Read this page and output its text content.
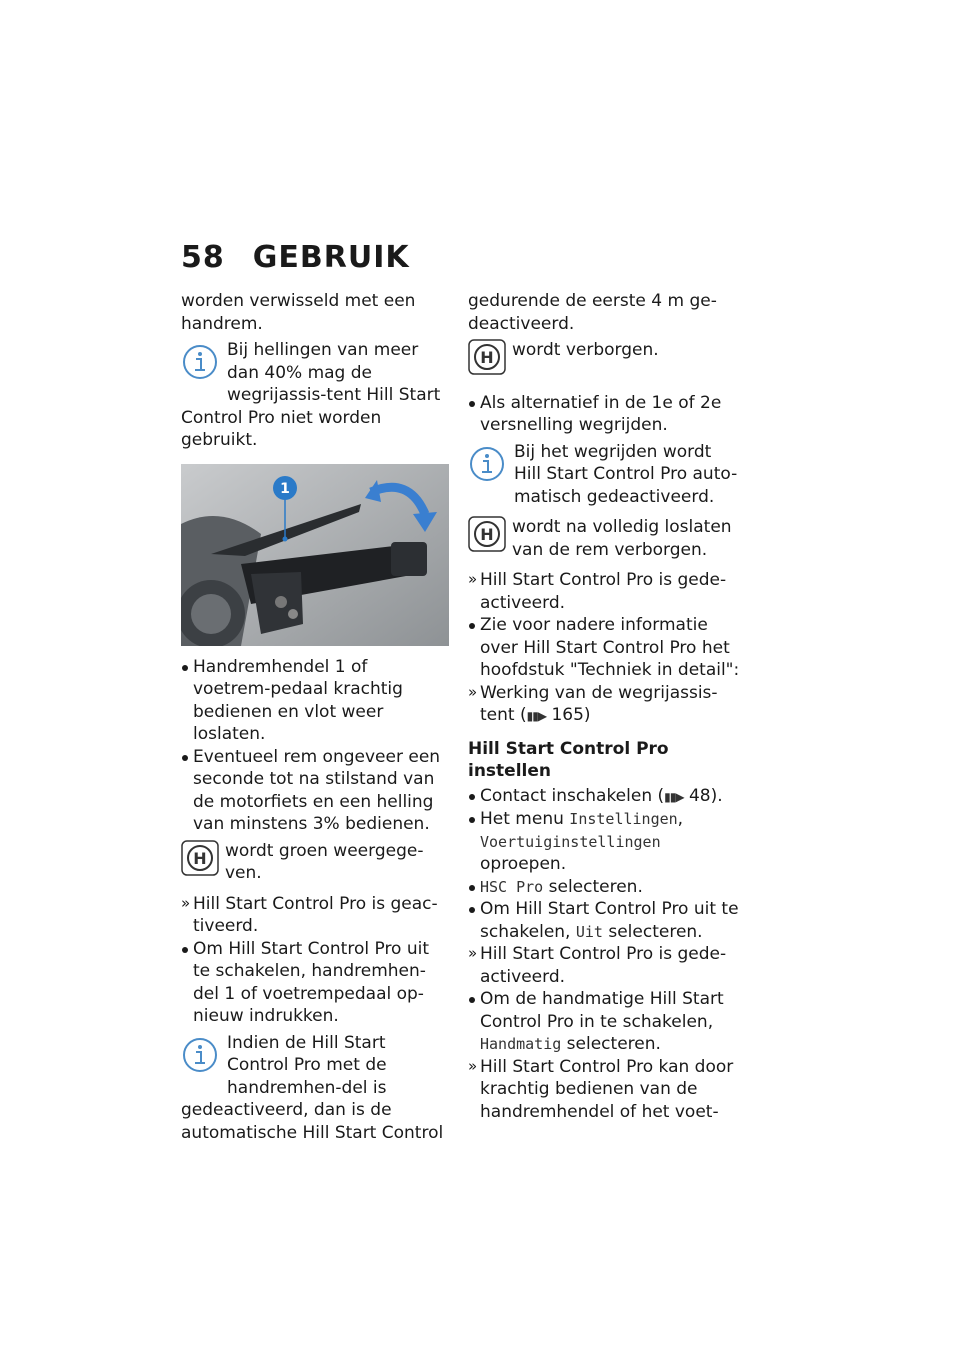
58 GEBRUIK

worden verwisseld met een handrem.

Bij hellingen van meer dan 40% mag de wegrijassis-tent Hill Start Control Pro niet worden gebruikt.
1

Handremhendel 1 of voetrem-pedaal krachtig bedienen en vlot weer loslaten.

Eventueel rem ongeveer een seconde tot na stilstand van de motorfiets en een helling van minstens 3% bedienen.

H wordt groen weergege-ven.

» Hill Start Control Pro is geac-tiveerd.

Om Hill Start Control Pro uit te schakelen, handremhen-del 1 of voetrempedaal op-nieuw indrukken.

Indien de Hill Start Control Pro met de handremhen-del is gedeactiveerd, dan is de automatische Hill Start Control

gedurende de eerste 4 m ge-deactiveerd.

H wordt verborgen.

Als alternatief in de 1e of 2e versnelling wegrijden.

Bij het wegrijden wordt Hill Start Control Pro auto-matisch gedeactiveerd.
H wordt na volledig loslaten van de rem verborgen.

» Hill Start Control Pro is gede-activeerd.

Zie voor nadere informatie over Hill Start Control Pro het hoofdstuk "Techniek in detail":

» Werking van de wegrijassis-tent (▮▮▶ 165)

Hill Start Control Pro instellen

Contact inschakelen (▮▮▶ 48).

Het menu Instellingen,
Voertuiginstellingen
oproepen.

HSC Pro selecteren.

Om Hill Start Control Pro uit te schakelen, Uit selecteren.

» Hill Start Control Pro is gede-activeerd.

Om de handmatige Hill Start Control Pro in te schakelen, Handmatig selecteren.

» Hill Start Control Pro kan door krachtig bedienen van de handremhendel of het voet-
